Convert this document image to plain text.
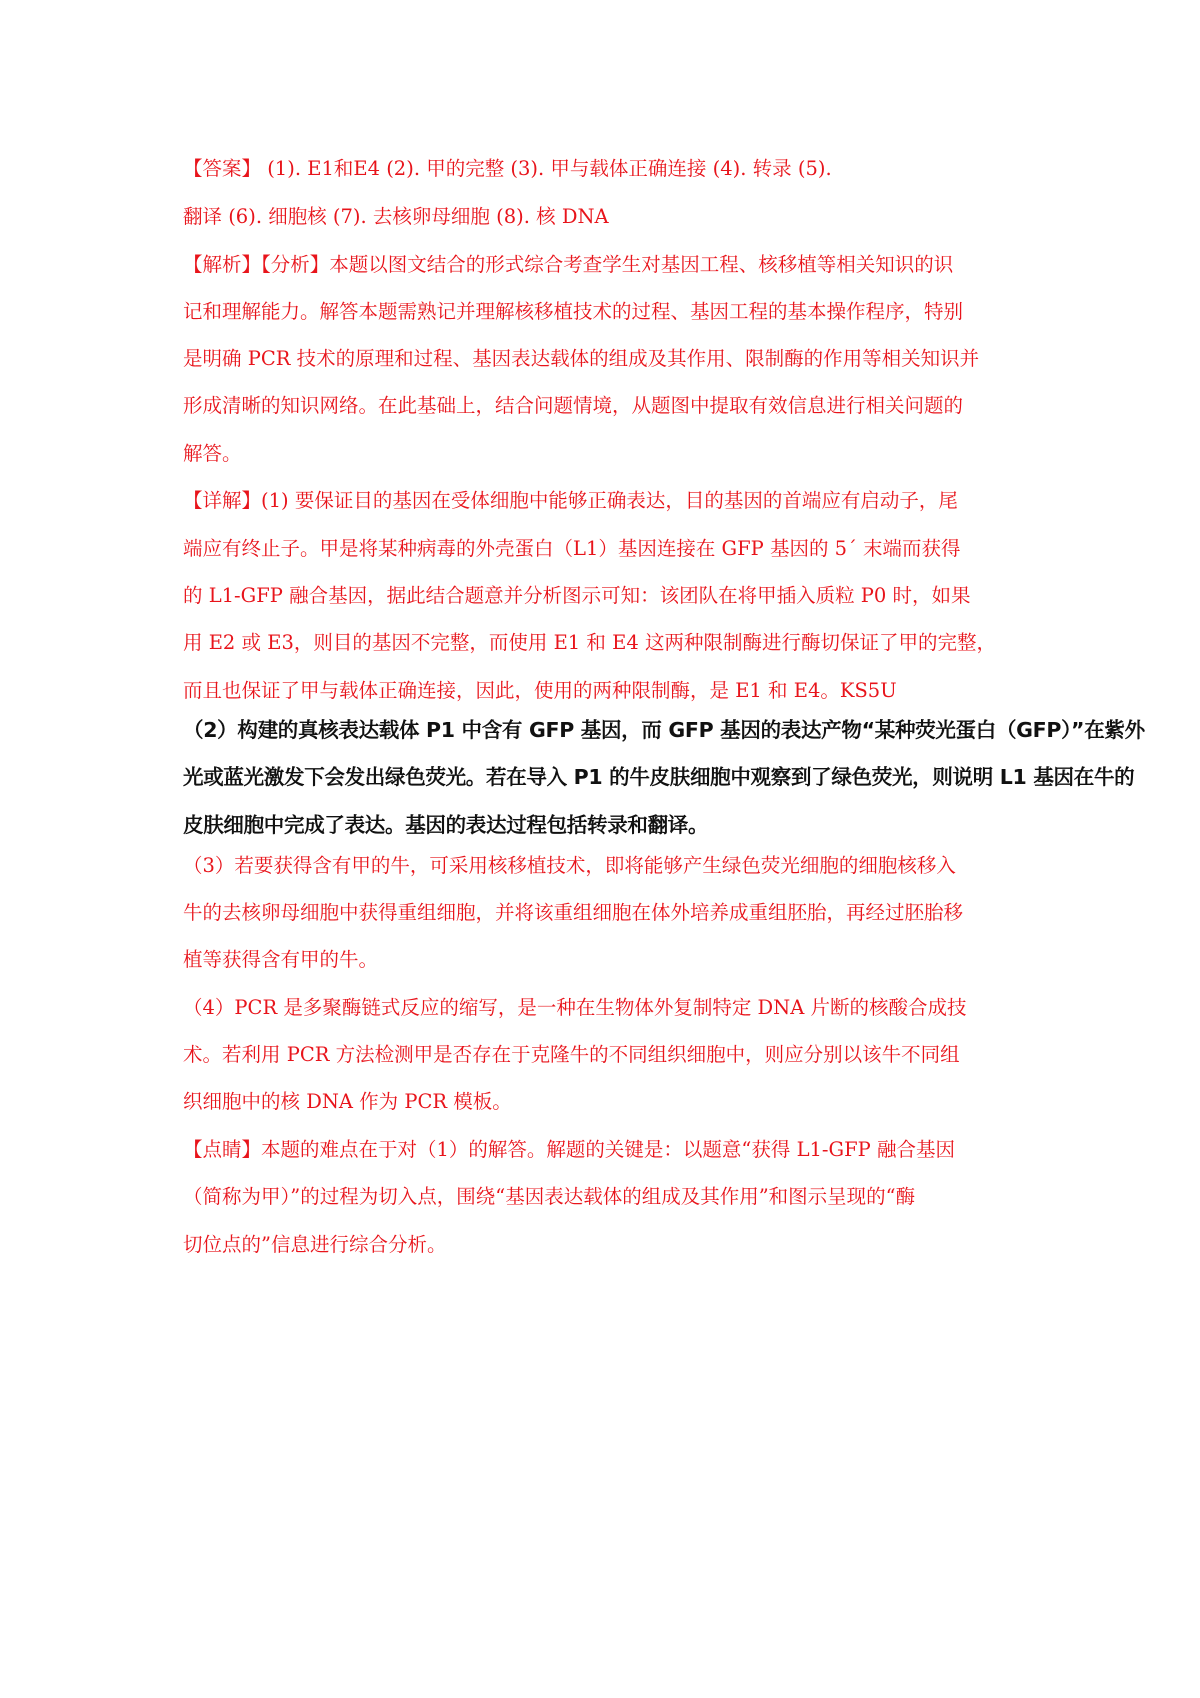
【答案】 (1). E1和E4 (2). 甲的完整 (3). 甲与载体正确连接 (4). 转录 (5).
翻译 (6). 细胞核 (7). 去核卵母细胞 (8). 核 DNA
【解析】【分析】本题以图文结合的形式综合考查学生对基因工程、核移植等相关知识的识
记和理解能力。解答本题需熟记并理解核移植技术的过程、基因工程的基本操作程序，特别
是明确 PCR 技术的原理和过程、基因表达载体的组成及其作用、限制酶的作用等相关知识并
形成清晰的知识网络。在此基础上，结合问题情境，从题图中提取有效信息进行相关问题的
解答。
【详解】(1) 要保证目的基因在受体细胞中能够正确表达，目的基因的首端应有启动子，尾
端应有终止子。甲是将某种病毒的外壳蛋白（L1）基因连接在 GFP 基因的 5ˊ 末端而获得
的 L1-GFP 融合基因，据此结合题意并分析图示可知：该团队在将甲插入质粒 P0 时，如果
用 E2 或 E3，则目的基因不完整，而使用 E1 和 E4 这两种限制酶进行酶切保证了甲的完整，
而且也保证了甲与载体正确连接，因此，使用的两种限制酶，是 E1 和 E4。KS5U
（2）构建的真核表达载体 P1 中含有 GFP 基因，而 GFP 基因的表达产物“某种荧光蛋白（GFP）”在紫外
光或蓝光激发下会发出绿色荧光。若在导入 P1 的牛皮肤细胞中观察到了绿色荧光，则说明 L1 基因在牛的
皮肤细胞中完成了表达。基因的表达过程包括转录和翻译。
（3）若要获得含有甲的牛，可采用核移植技术，即将能够产生绿色荧光细胞的细胞核移入
牛的去核卵母细胞中获得重组细胞，并将该重组细胞在体外培养成重组胚胎，再经过胚胎移
植等获得含有甲的牛。
（4）PCR 是多聚酶链式反应的缩写，是一种在生物体外复制特定 DNA 片断的核酸合成技
术。若利用 PCR 方法检测甲是否存在于克隆牛的不同组织细胞中，则应分别以该牛不同组
织细胞中的核 DNA 作为 PCR 模板。
【点睛】本题的难点在于对（1）的解答。解题的关键是：以题意“获得 L1-GFP 融合基因
（简称为甲）”的过程为切入点，围绕“基因表达载体的组成及其作用”和图示呈现的“酶
切位点的”信息进行综合分析。
